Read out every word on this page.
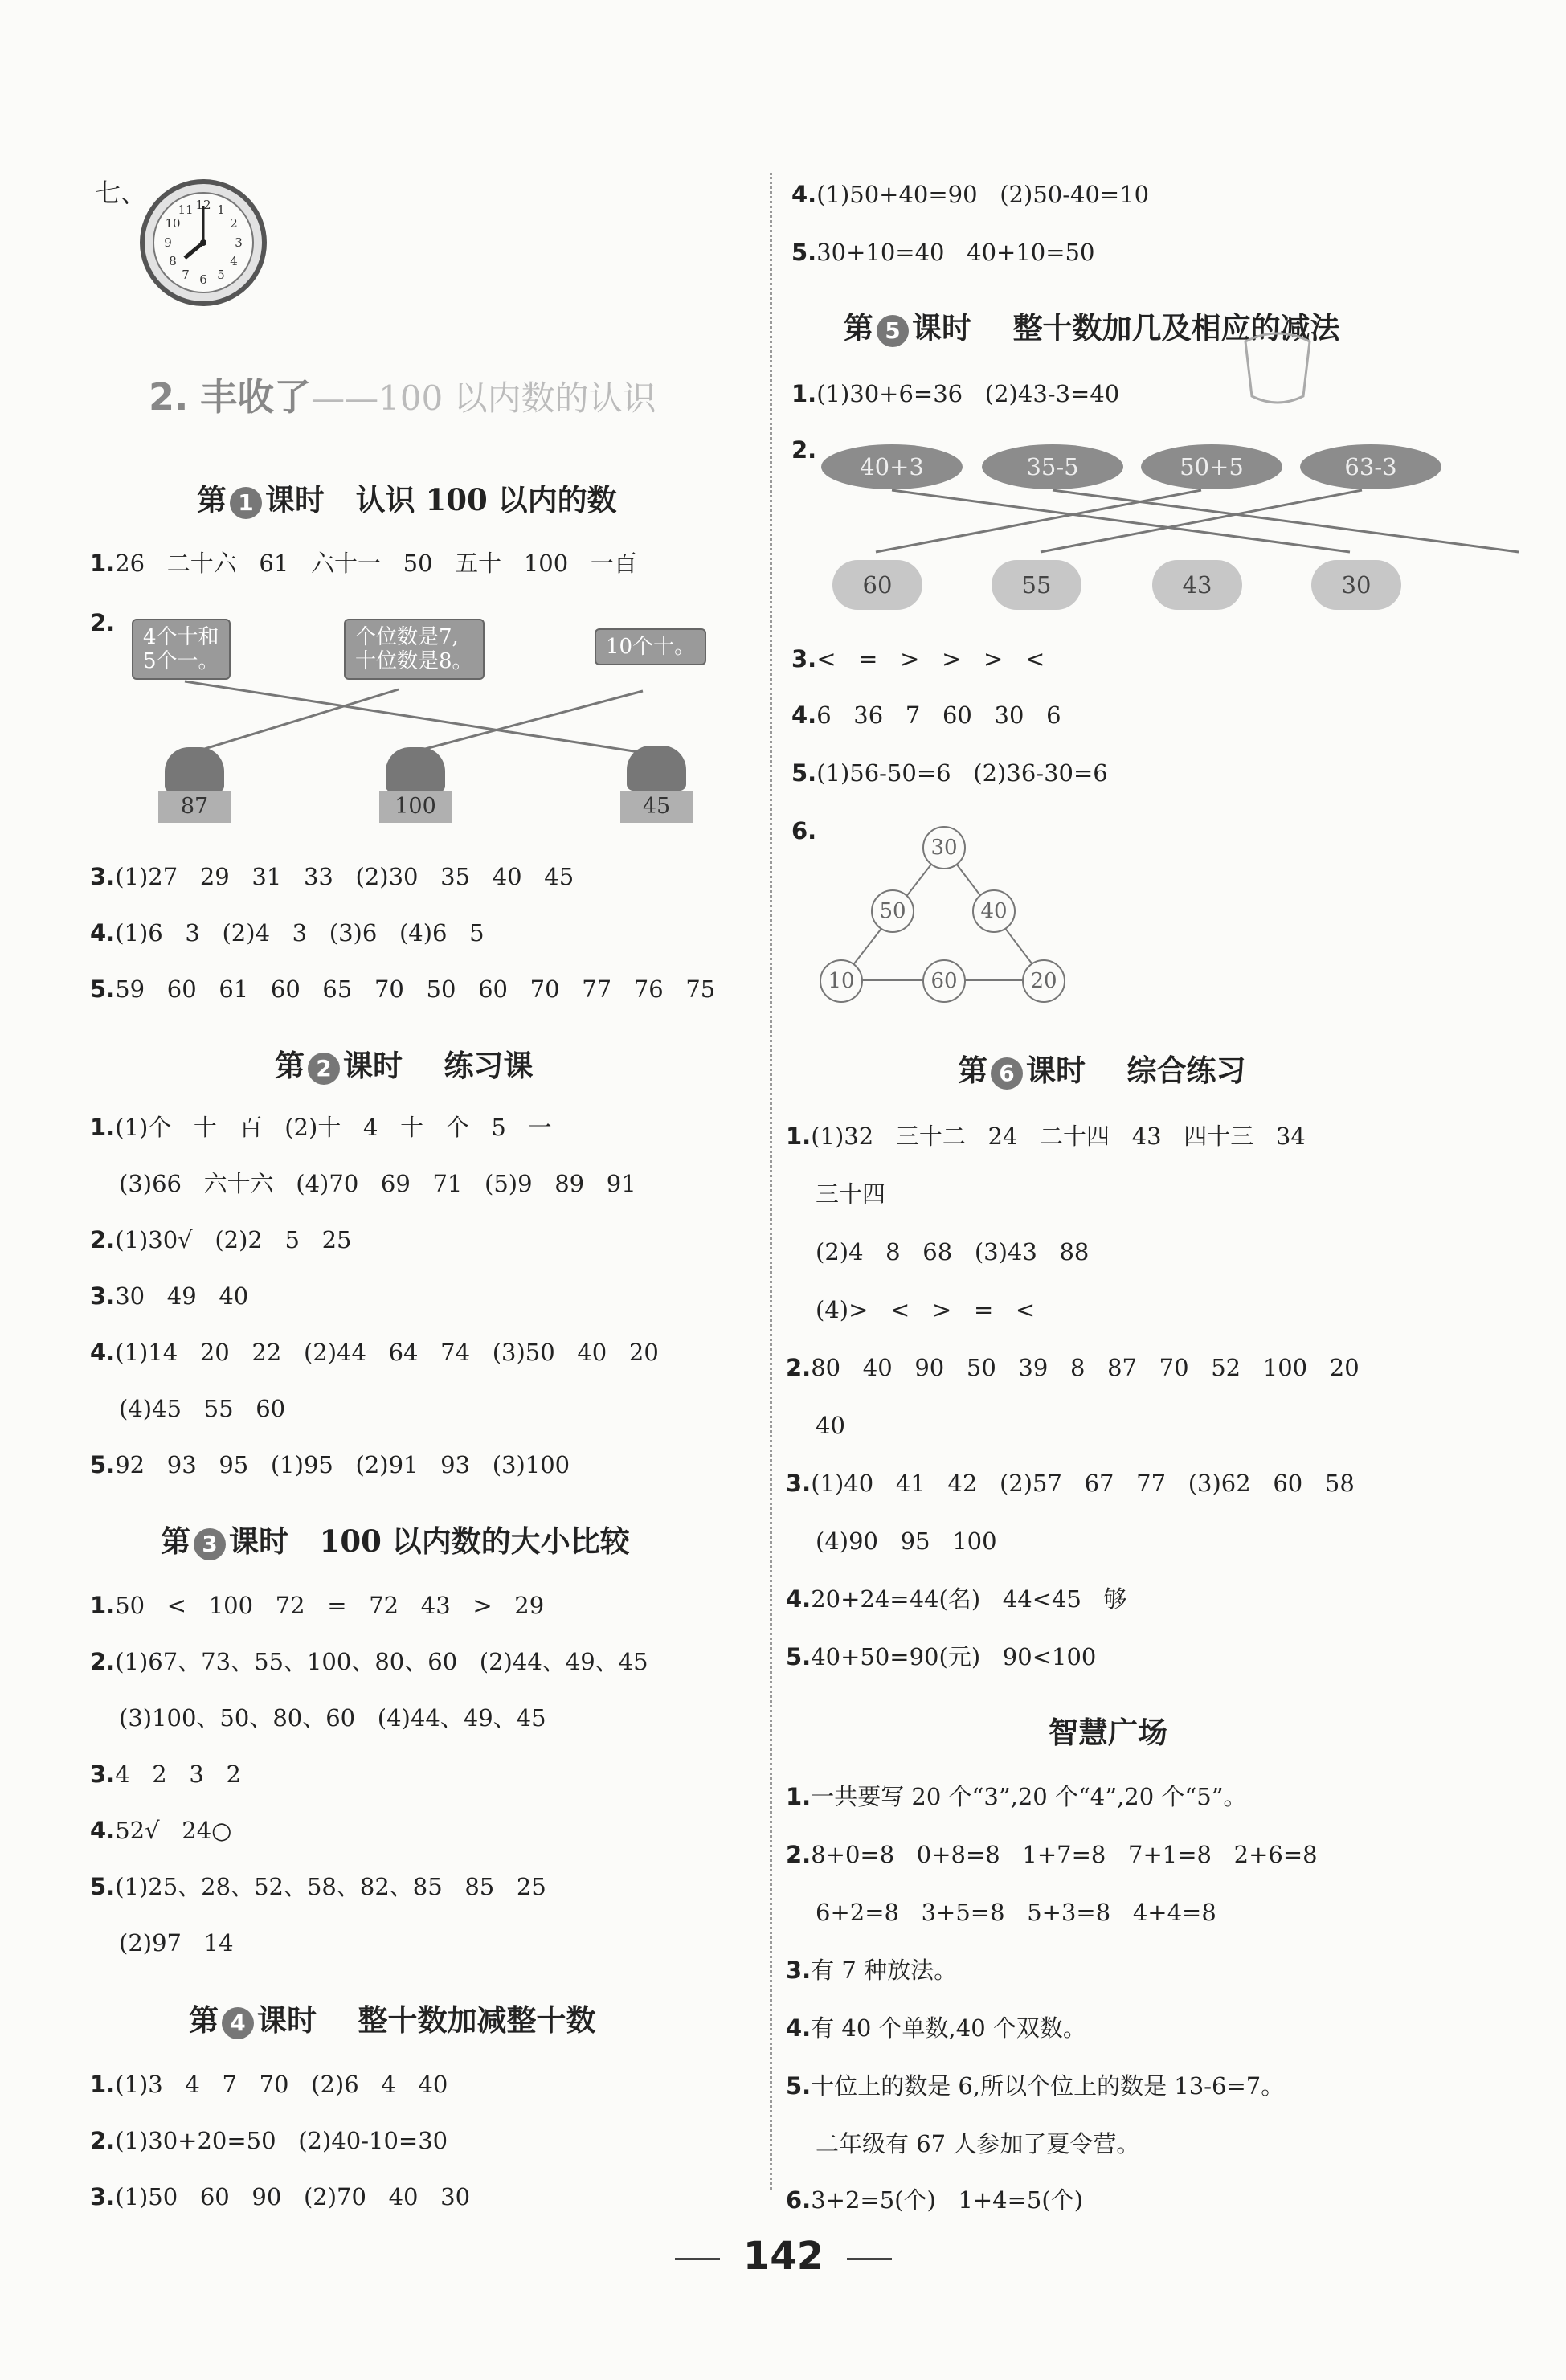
七、	12 1
2
3
4
5
6
7
8
9
10
11
2. 丰收了——100 以内数的认识
第 1 课时   认识 100 以内的数
1.26   二十六   61   六十一   50   五十   100   一百
2.
4个十和
5个一。
个位数是7,
十位数是8。
10个十。
87	100	45
3.(1)27   29   31   33   (2)30   35   40   45
4.(1)6   3   (2)4   3   (3)6   (4)6   5
5.59   60   61   60   65   70   50   60   70   77   76   75
第 2 课时    练习课
1.(1)个   十   百   (2)十   4   十   个   5   一
(3)66   六十六   (4)70   69   71   (5)9   89   91
2.(1)30√   (2)2   5   25
3.30   49   40
4.(1)14   20   22   (2)44   64   74   (3)50   40   20
(4)45   55   60
5.92   93   95   (1)95   (2)91   93   (3)100
第 3 课时   100 以内数的大小比较
1.50   <   100   72   =   72   43   >   29
2.(1)67、73、55、100、80、60   (2)44、49、45
(3)100、50、80、60   (4)44、49、45
3.4   2   3   2
4.52√   24○
5.(1)25、28、52、58、82、85   85   25
(2)97   14
第 4 课时    整十数加减整十数
1.(1)3   4   7   70   (2)6   4   40
2.(1)30+20=50   (2)40-10=30
3.(1)50   60   90   (2)70   40   30
4.(1)50+40=90   (2)50-40=10
5.30+10=40   40+10=50
第 5 课时    整十数加几及相应的减法
1.(1)30+6=36   (2)43-3=40
2.
40+3	35-5	50+5	63-3
60	55	43	30
3.<   =   >   >   >   <
4.6   36   7   60   30   6
5.(1)56-50=6   (2)36-30=6
6.
30
50	40
10	60	20
第 6 课时    综合练习
1.(1)32   三十二   24   二十四   43   四十三   34
三十四
(2)4   8   68   (3)43   88
(4)>   <   >   =   <
2.80   40   90   50   39   8   87   70   52   100   20
40
3.(1)40   41   42   (2)57   67   77   (3)62   60   58
(4)90   95   100
4.20+24=44(名)   44<45   够
5.40+50=90(元)   90<100
智慧广场
1.一共要写 20 个“3”,20 个“4”,20 个“5”。
2.8+0=8   0+8=8   1+7=8   7+1=8   2+6=8
6+2=8   3+5=8   5+3=8   4+4=8
3.有 7 种放法。
4.有 40 个单数,40 个双数。
5.十位上的数是 6,所以个位上的数是 13-6=7。
二年级有 67 人参加了夏令营。
6.3+2=5(个)   1+4=5(个)
142
